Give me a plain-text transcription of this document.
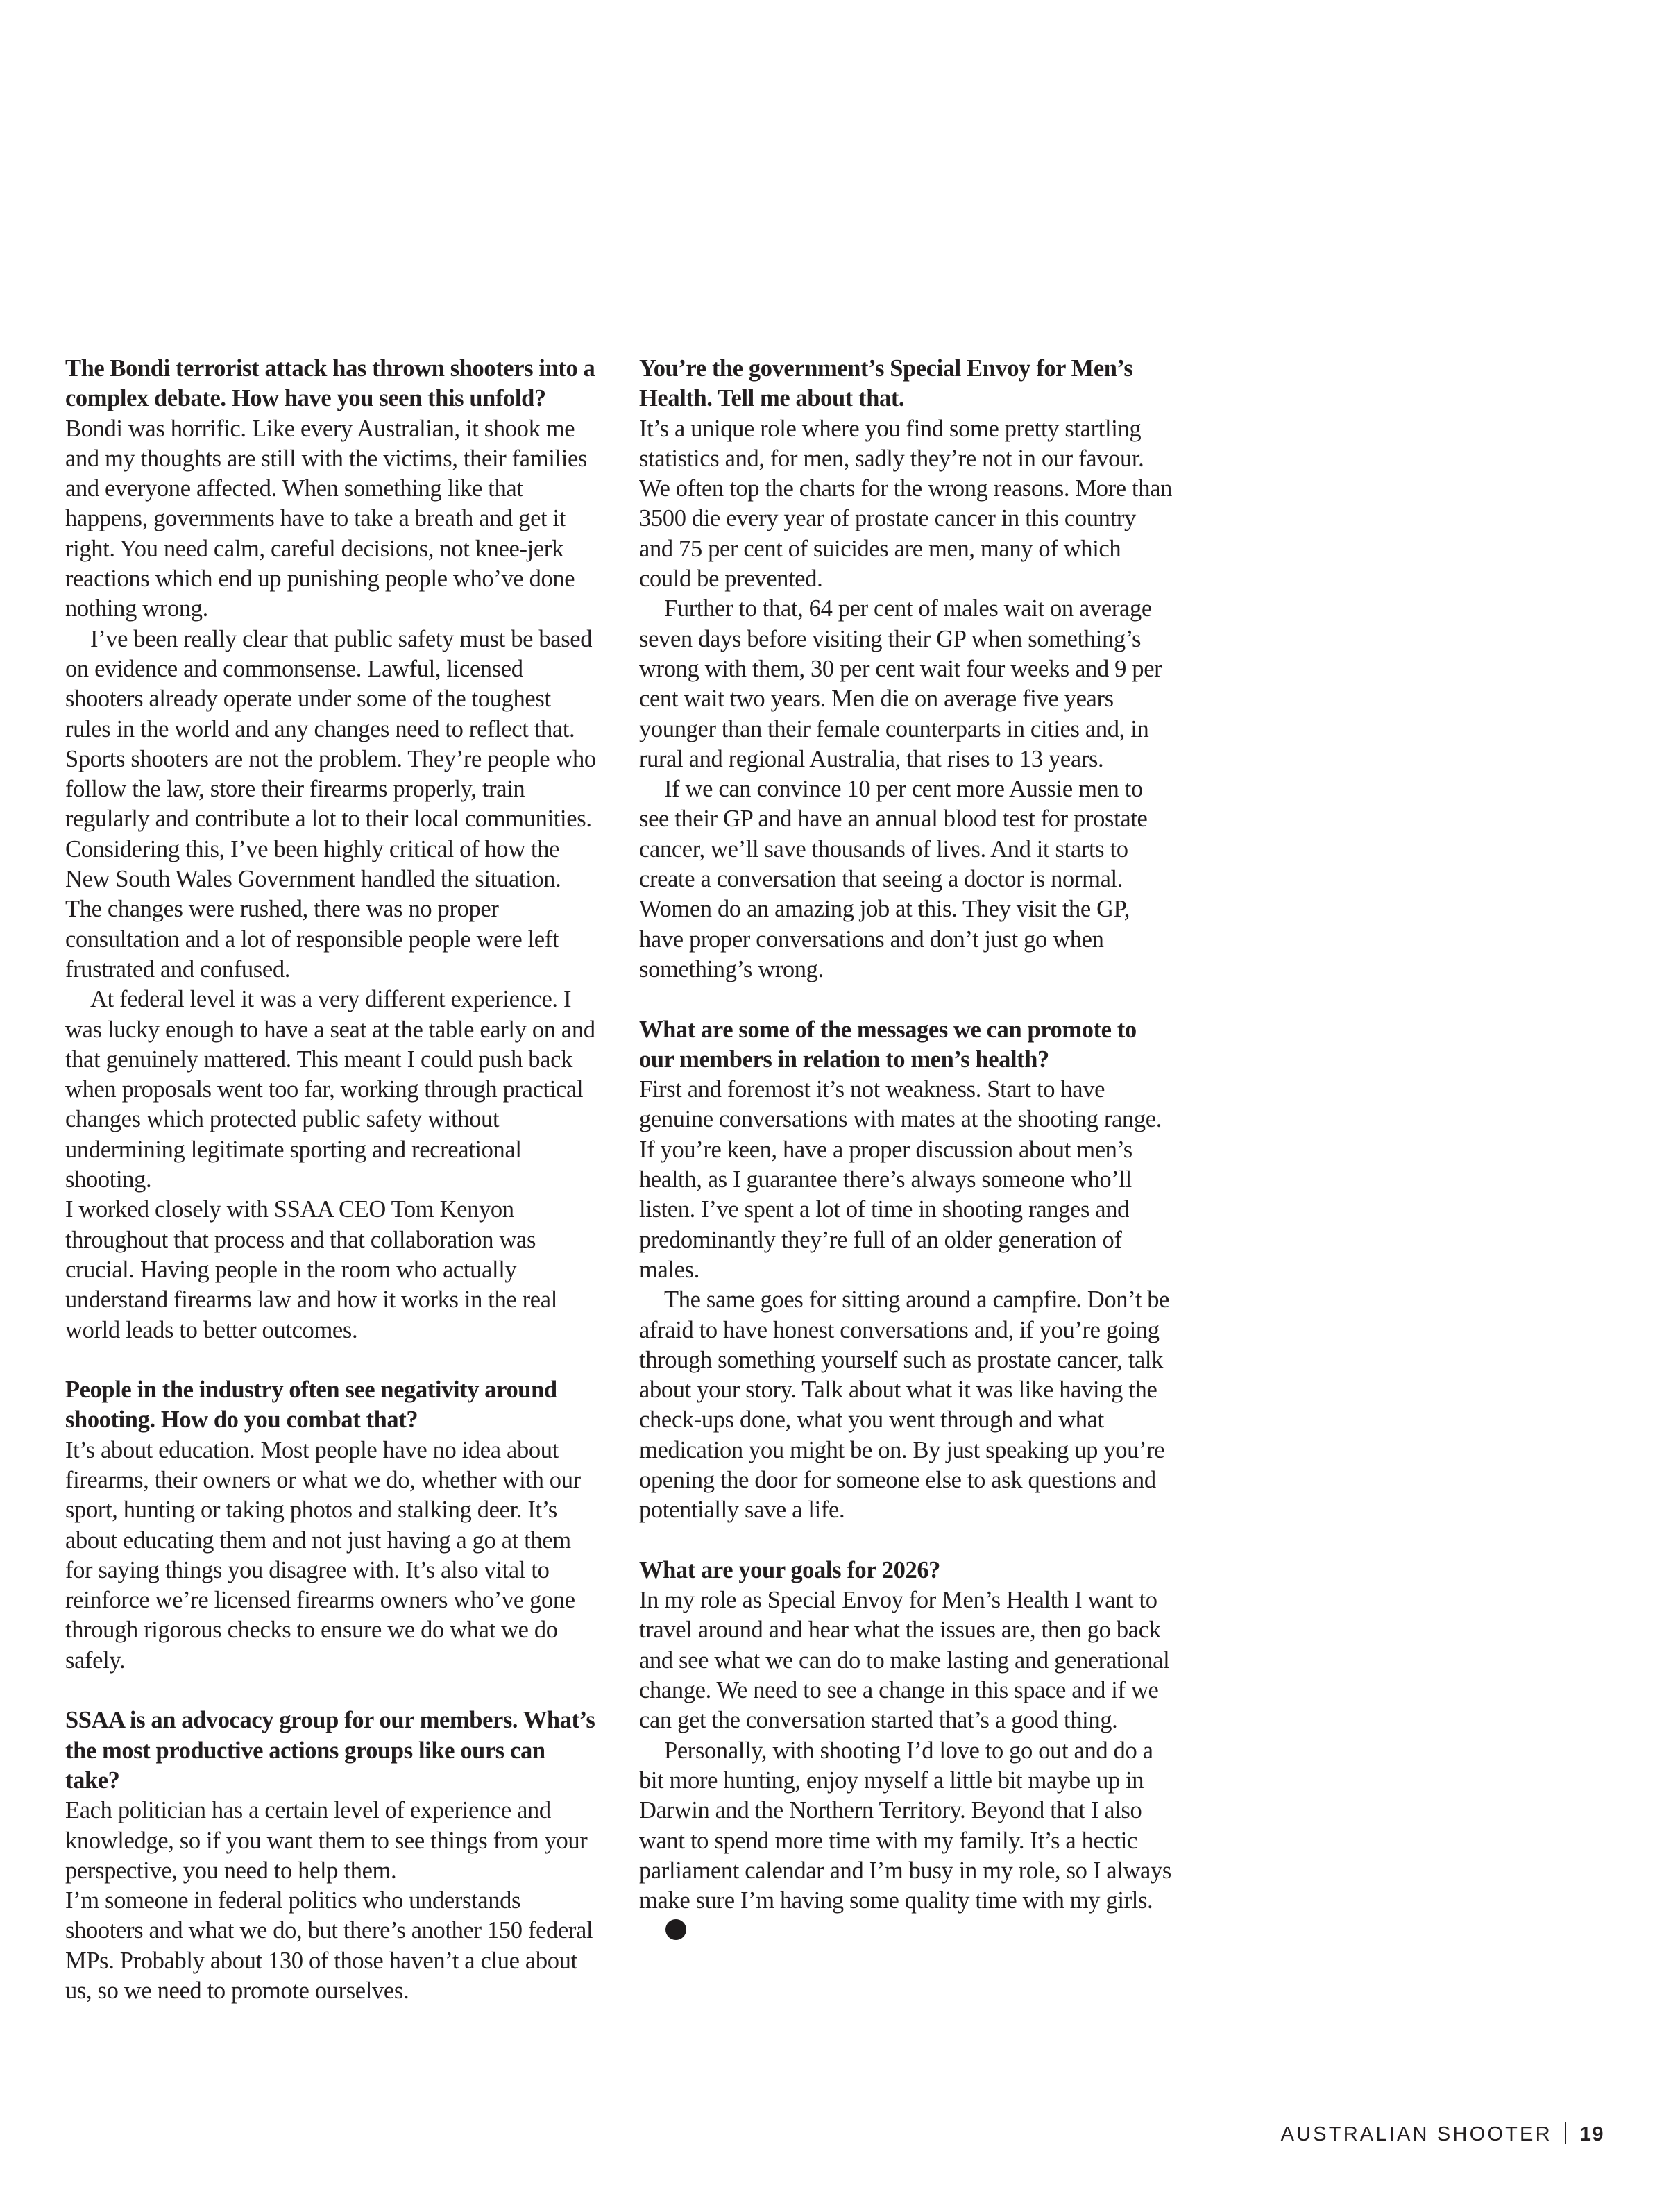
The Bondi terrorist attack has thrown shooters into a complex debate. How have you seen this unfold?

Bondi was horrific. Like every Australian, it shook me and my thoughts are still with the victims, their families and everyone affected. When something like that happens, governments have to take a breath and get it right. You need calm, careful decisions, not knee-jerk reactions which end up punishing people who’ve done nothing wrong.

I’ve been really clear that public safety must be based on evidence and commonsense. Lawful, licensed shooters already operate under some of the toughest rules in the world and any changes need to reflect that. Sports shooters are not the problem. They’re people who follow the law, store their firearms properly, train regularly and contribute a lot to their local communities. Considering this, I’ve been highly critical of how the New South Wales Government handled the situation. The changes were rushed, there was no proper consultation and a lot of responsible people were left frustrated and confused.

At federal level it was a very different experience. I was lucky enough to have a seat at the table early on and that genuinely mattered. This meant I could push back when proposals went too far, working through practical changes which protected public safety without undermining legitimate sporting and recreational shooting.

I worked closely with SSAA CEO Tom Kenyon throughout that process and that collaboration was crucial. Having people in the room who actually understand firearms law and how it works in the real world leads to better outcomes.

People in the industry often see negativity around shooting. How do you combat that?

It’s about education. Most people have no idea about firearms, their owners or what we do, whether with our sport, hunting or taking photos and stalking deer. It’s about educating them and not just having a go at them for saying things you disagree with. It’s also vital to reinforce we’re licensed firearms owners who’ve gone through rigorous checks to ensure we do what we do safely.

SSAA is an advocacy group for our members. What’s the most productive actions groups like ours can take?

Each politician has a certain level of experience and knowledge, so if you want them to see things from your perspective, you need to help them.

I’m someone in federal politics who understands shooters and what we do, but there’s another 150 federal MPs. Probably about 130 of those haven’t a clue about us, so we need to promote ourselves.

You’re the government’s Special Envoy for Men’s Health. Tell me about that.

It’s a unique role where you find some pretty startling statistics and, for men, sadly they’re not in our favour. We often top the charts for the wrong reasons. More than 3500 die every year of prostate cancer in this country and 75 per cent of suicides are men, many of which could be prevented.

Further to that, 64 per cent of males wait on average seven days before visiting their GP when something’s wrong with them, 30 per cent wait four weeks and 9 per cent wait two years. Men die on average five years younger than their female counterparts in cities and, in rural and regional Australia, that rises to 13 years.

If we can convince 10 per cent more Aussie men to see their GP and have an annual blood test for prostate cancer, we’ll save thousands of lives. And it starts to create a conversation that seeing a doctor is normal. Women do an amazing job at this. They visit the GP, have proper conversations and don’t just go when something’s wrong.

What are some of the messages we can promote to our members in relation to men’s health?

First and foremost it’s not weakness. Start to have genuine conversations with mates at the shooting range. If you’re keen, have a proper discussion about men’s health, as I guarantee there’s always someone who’ll listen. I’ve spent a lot of time in shooting ranges and predominantly they’re full of an older generation of males.

The same goes for sitting around a campfire. Don’t be afraid to have honest conversations and, if you’re going through something yourself such as prostate cancer, talk about your story. Talk about what it was like having the check-ups done, what you went through and what medication you might be on. By just speaking up you’re opening the door for someone else to ask questions and potentially save a life.

What are your goals for 2026?

In my role as Special Envoy for Men’s Health I want to travel around and hear what the issues are, then go back and see what we can do to make lasting and generational change. We need to see a change in this space and if we can get the conversation started that’s a good thing.

Personally, with shooting I’d love to go out and do a bit more hunting, enjoy myself a little bit maybe up in Darwin and the Northern Territory. Beyond that I also want to spend more time with my family. It’s a hectic parliament calendar and I’m busy in my role, so I always make sure I’m having some quality time with my girls.

AUSTRALIAN SHOOTER 19
